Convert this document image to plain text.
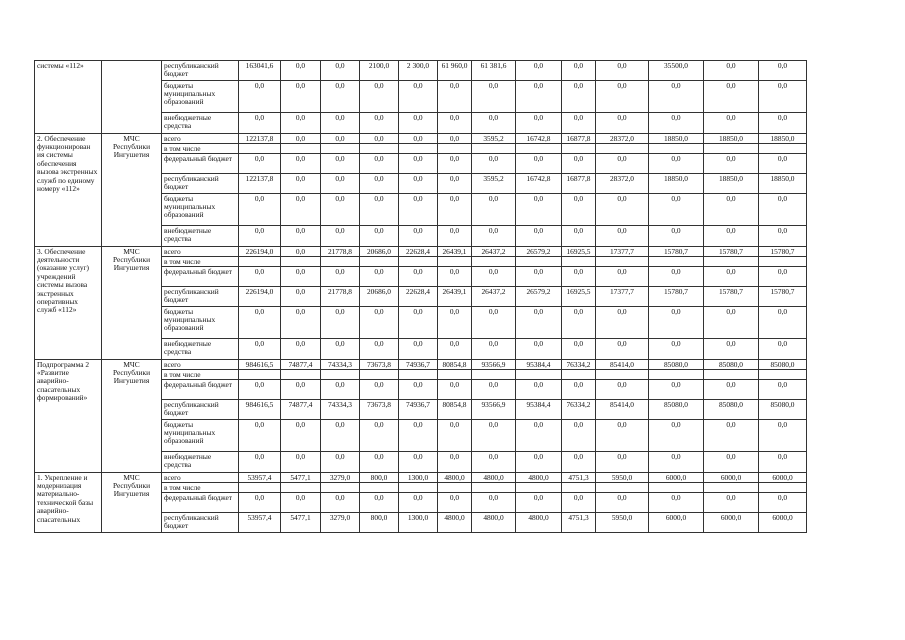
системы «112»		республиканский бюджет	163041,6	0,0	0,0	2100,0	2 300,0	61 960,0	61 381,6	0,0	0,0	0,0	35500,0	0,0	0,0
		бюджеты муниципальных образований	0,0	0,0	0,0	0,0	0,0	0,0	0,0	0,0	0,0	0,0	0,0	0,0	0,0
		внебюджетные средства	0,0	0,0	0,0	0,0	0,0	0,0	0,0	0,0	0,0	0,0	0,0	0,0	0,0
2. Обеспечение функционирован ия системы обеспечения вызова экстренных служб по единому номеру «112»	МЧС Республики Ингушетия	всего	122137,8	0,0	0,0	0,0	0,0	0,0	3595,2	16742,8	16877,8	28372,0	18850,0	18850,0	18850,0
		в том числе													
		федеральный бюджет	0,0	0,0	0,0	0,0	0,0	0,0	0,0	0,0	0,0	0,0	0,0	0,0	0,0
		республиканский бюджет	122137,8	0,0	0,0	0,0	0,0	0,0	3595,2	16742,8	16877,8	28372,0	18850,0	18850,0	18850,0
		бюджеты муниципальных образований	0,0	0,0	0,0	0,0	0,0	0,0	0,0	0,0	0,0	0,0	0,0	0,0	0,0
		внебюджетные средства	0,0	0,0	0,0	0,0	0,0	0,0	0,0	0,0	0,0	0,0	0,0	0,0	0,0
3. Обеспечение деятельности (оказание услуг) учреждений системы вызова экстренных оперативных служб «112»	МЧС Республики Ингушетия	всего	226194,0	0,0	21778,8	20686,0	22628,4	26439,1	26437,2	26579,2	16925,5	17377,7	15780,7	15780,7	15780,7
		в том числе													
		федеральный бюджет	0,0	0,0	0,0	0,0	0,0	0,0	0,0	0,0	0,0	0,0	0,0	0,0	0,0
		республиканский бюджет	226194,0	0,0	21778,8	20686,0	22628,4	26439,1	26437,2	26579,2	16925,5	17377,7	15780,7	15780,7	15780,7
		бюджеты муниципальных образований	0,0	0,0	0,0	0,0	0,0	0,0	0,0	0,0	0,0	0,0	0,0	0,0	0,0
		внебюджетные средства	0,0	0,0	0,0	0,0	0,0	0,0	0,0	0,0	0,0	0,0	0,0	0,0	0,0
Подпрограмма 2 «Развитие аварийно-спасательных формирований»	МЧС Республики Ингушетия	всего	984616,5	74877,4	74334,3	73673,8	74936,7	80854,8	93566,9	95384,4	76334,2	85414,0	85080,0	85080,0	85080,0
		в том числе													
		федеральный бюджет	0,0	0,0	0,0	0,0	0,0	0,0	0,0	0,0	0,0	0,0	0,0	0,0	0,0
		республиканский бюджет	984616,5	74877,4	74334,3	73673,8	74936,7	80854,8	93566,9	95384,4	76334,2	85414,0	85080,0	85080,0	85080,0
		бюджеты муниципальных образований	0,0	0,0	0,0	0,0	0,0	0,0	0,0	0,0	0,0	0,0	0,0	0,0	0,0
		внебюджетные средства	0,0	0,0	0,0	0,0	0,0	0,0	0,0	0,0	0,0	0,0	0,0	0,0	0,0
1. Укрепление и модернизация материально-технической базы аварийно-спасательных	МЧС Республики Ингушетия	всего	53957,4	5477,1	3279,0	800,0	1300,0	4800,0	4800,0	4800,0	4751,3	5950,0	6000,0	6000,0	6000,0
		в том числе													
		федеральный бюджет	0,0	0,0	0,0	0,0	0,0	0,0	0,0	0,0	0,0	0,0	0,0	0,0	0,0
		республиканский бюджет	53957,4	5477,1	3279,0	800,0	1300,0	4800,0	4800,0	4800,0	4751,3	5950,0	6000,0	6000,0	6000,0
